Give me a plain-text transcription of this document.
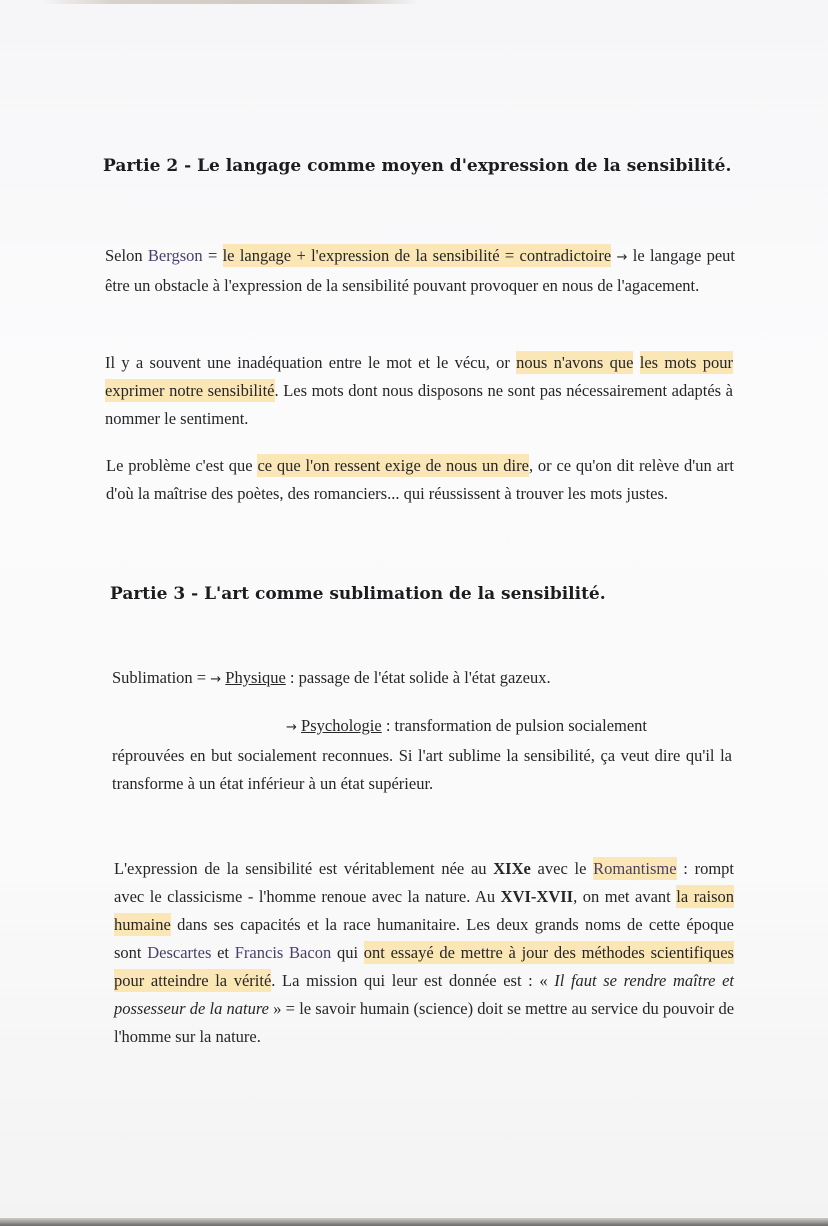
Partie 2 - Le langage comme moyen d'expression de la sensibilité.

Selon Bergson = le langage + l'expression de la sensibilité = contradictoire → le langage peut être un obstacle à l'expression de la sensibilité pouvant provoquer en nous de l'agacement.

Il y a souvent une inadéquation entre le mot et le vécu, or nous n'avons que les mots pour exprimer notre sensibilité. Les mots dont nous disposons ne sont pas nécessairement adaptés à nommer le sentiment.

Le problème c'est que ce que l'on ressent exige de nous un dire, or ce qu'on dit relève d'un art d'où la maîtrise des poètes, des romanciers... qui réussissent à trouver les mots justes.

Partie 3 - L'art comme sublimation de la sensibilité.

Sublimation = → Physique : passage de l'état solide à l'état gazeux.

→ Psychologie : transformation de pulsion socialement
réprouvées en but socialement reconnues. Si l'art sublime la sensibilité, ça veut dire qu'il la transforme à un état inférieur à un état supérieur.

L'expression de la sensibilité est véritablement née au XIXe avec le Romantisme : rompt avec le classicisme - l'homme renoue avec la nature. Au XVI-XVII, on met avant la raison humaine dans ses capacités et la race humanitaire. Les deux grands noms de cette époque sont Descartes et Francis Bacon qui ont essayé de mettre à jour des méthodes scientifiques pour atteindre la vérité. La mission qui leur est donnée est : « Il faut se rendre maître et possesseur de la nature » = le savoir humain (science) doit se mettre au service du pouvoir de l'homme sur la nature.
